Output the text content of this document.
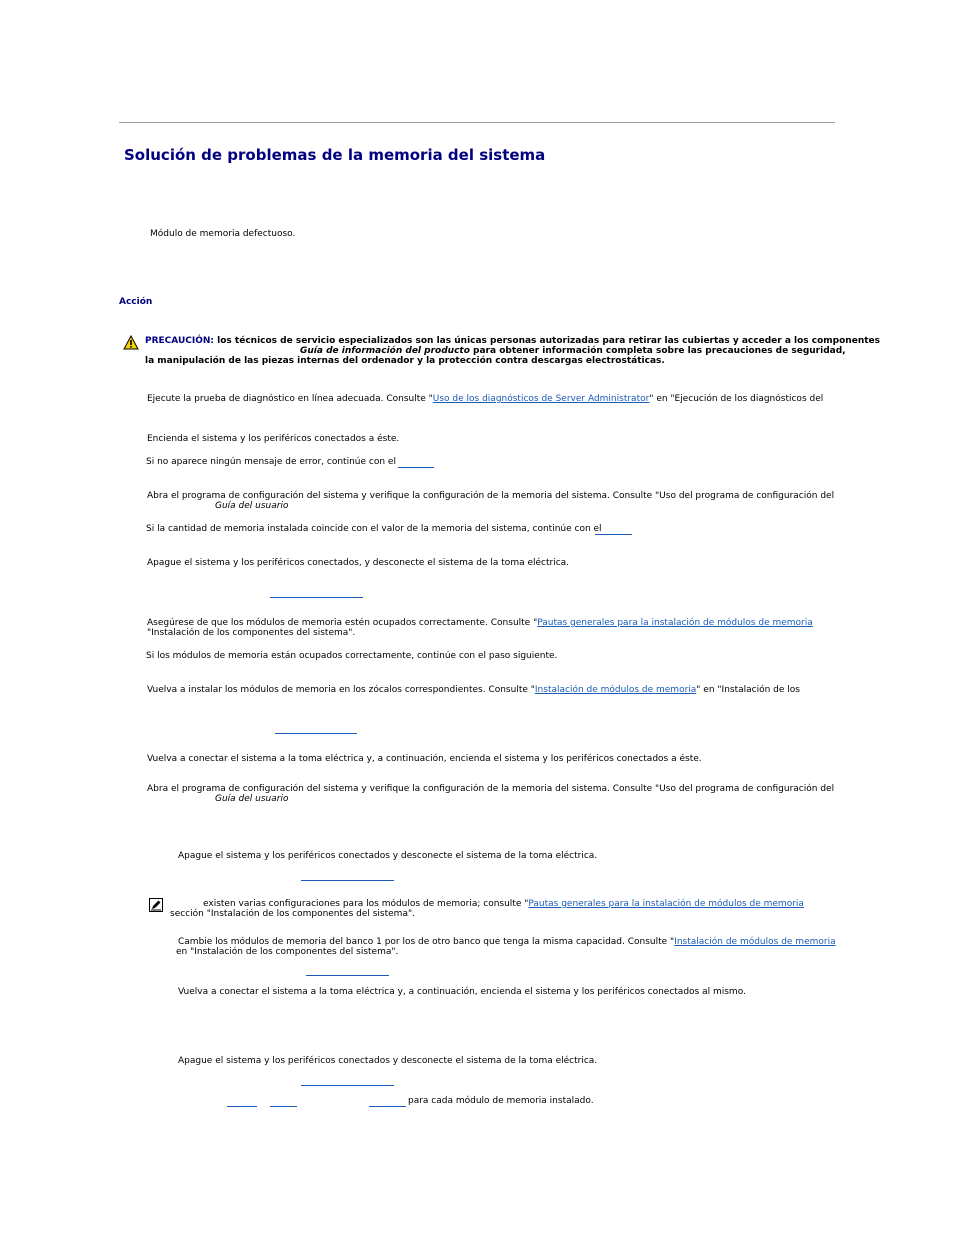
Solución de problemas de la memoria del sistema
Módulo de memoria defectuoso.
Acción
PRECAUCIÓN: los técnicos de servicio especializados son las únicas personas autorizadas para retirar las cubiertas y acceder a los componentes
Guía de información del producto para obtener información completa sobre las precauciones de seguridad,
la manipulación de las piezas internas del ordenador y la protección contra descargas electrostáticas.
Ejecute la prueba de diagnóstico en línea adecuada. Consulte "Uso de los diagnósticos de Server Administrator" en "Ejecución de los diagnósticos del
Encienda el sistema y los periféricos conectados a éste.
Si no aparece ningún mensaje de error, continúe con el
Abra el programa de configuración del sistema y verifique la configuración de la memoria del sistema. Consulte "Uso del programa de configuración del
Guía del usuario
Si la cantidad de memoria instalada coincide con el valor de la memoria del sistema, continúe con el
Apague el sistema y los periféricos conectados, y desconecte el sistema de la toma eléctrica.
Asegúrese de que los módulos de memoria estén ocupados correctamente. Consulte "Pautas generales para la instalación de módulos de memoria
"Instalación de los componentes del sistema".
Si los módulos de memoria están ocupados correctamente, continúe con el paso siguiente.
Vuelva a instalar los módulos de memoria en los zócalos correspondientes. Consulte "Instalación de módulos de memoria" en "Instalación de los
Vuelva a conectar el sistema a la toma eléctrica y, a continuación, encienda el sistema y los periféricos conectados a éste.
Abra el programa de configuración del sistema y verifique la configuración de la memoria del sistema. Consulte "Uso del programa de configuración del
Guía del usuario
Apague el sistema y los periféricos conectados y desconecte el sistema de la toma eléctrica.
existen varias configuraciones para los módulos de memoria; consulte "Pautas generales para la instalación de módulos de memoria
sección "Instalación de los componentes del sistema".
Cambie los módulos de memoria del banco 1 por los de otro banco que tenga la misma capacidad. Consulte "Instalación de módulos de memoria
en "Instalación de los componentes del sistema".
Vuelva a conectar el sistema a la toma eléctrica y, a continuación, encienda el sistema y los periféricos conectados al mismo.
Apague el sistema y los periféricos conectados y desconecte el sistema de la toma eléctrica.
para cada módulo de memoria instalado.
